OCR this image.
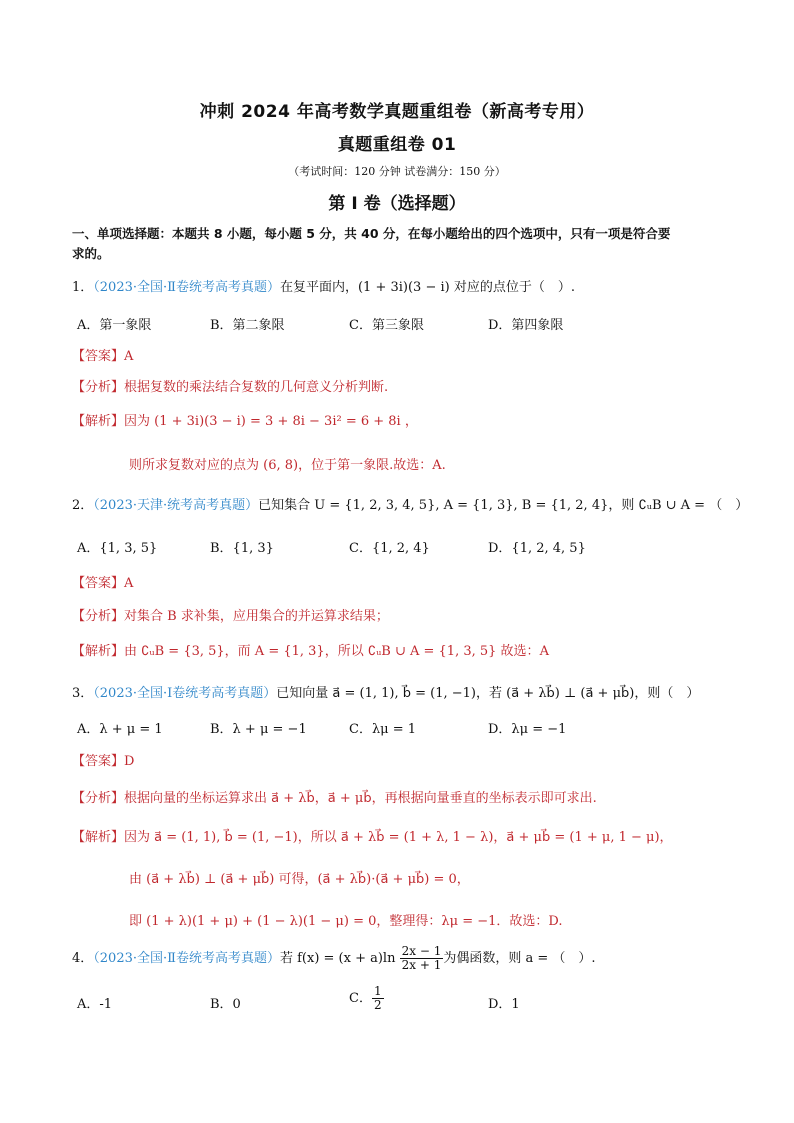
冲刺 2024 年高考数学真题重组卷（新高考专用）
真题重组卷 01
（考试时间：120 分钟 试卷满分：150 分）
第 I 卷（选择题）
一、单项选择题：本题共 8 小题，每小题 5 分，共 40 分，在每小题给出的四个选项中，只有一项是符合要
求的。
1．（2023·全国·Ⅱ卷统考高考真题）在复平面内，(1 + 3i)(3 − i) 对应的点位于（　）.
A．第一象限	B．第二象限	C．第三象限	D．第四象限
【答案】A
【分析】根据复数的乘法结合复数的几何意义分析判断.
【解析】因为 (1 + 3i)(3 − i) = 3 + 8i − 3i² = 6 + 8i ，
则所求复数对应的点为 (6, 8)，位于第一象限.故选：A.
2．（2023·天津·统考高考真题）已知集合 U = {1, 2, 3, 4, 5}, A = {1, 3}, B = {1, 2, 4}，则 ∁ᵤB ∪ A = （　）
A．{1, 3, 5}	B．{1, 3}	C．{1, 2, 4}	D．{1, 2, 4, 5}
【答案】A
【分析】对集合 B 求补集，应用集合的并运算求结果；
【解析】由 ∁ᵤB = {3, 5}，而 A = {1, 3}，所以 ∁ᵤB ∪ A = {1, 3, 5} 故选：A
3．（2023·全国·Ⅰ卷统考高考真题）已知向量 a⃗ = (1, 1), b⃗ = (1, −1)，若 (a⃗ + λb⃗) ⊥ (a⃗ + μb⃗)，则（　）
A．λ + μ = 1	B．λ + μ = −1	C．λμ = 1	D．λμ = −1
【答案】D
【分析】根据向量的坐标运算求出 a⃗ + λb⃗，a⃗ + μb⃗，再根据向量垂直的坐标表示即可求出.
【解析】因为 a⃗ = (1, 1), b⃗ = (1, −1)，所以 a⃗ + λb⃗ = (1 + λ, 1 − λ)，a⃗ + μb⃗ = (1 + μ, 1 − μ)，
由 (a⃗ + λb⃗) ⊥ (a⃗ + μb⃗) 可得，(a⃗ + λb⃗)·(a⃗ + μb⃗) = 0，
即 (1 + λ)(1 + μ) + (1 − λ)(1 − μ) = 0，整理得：λμ = −1．故选：D.
4．（2023·全国·Ⅱ卷统考高考真题）若 $f(x) = (x + a)\ln \frac{2x - 1}{2x + 1}$ 为偶函数，则 a = （　）.
A．-1	B．0	C． $\frac{1}{2}$	D．1
